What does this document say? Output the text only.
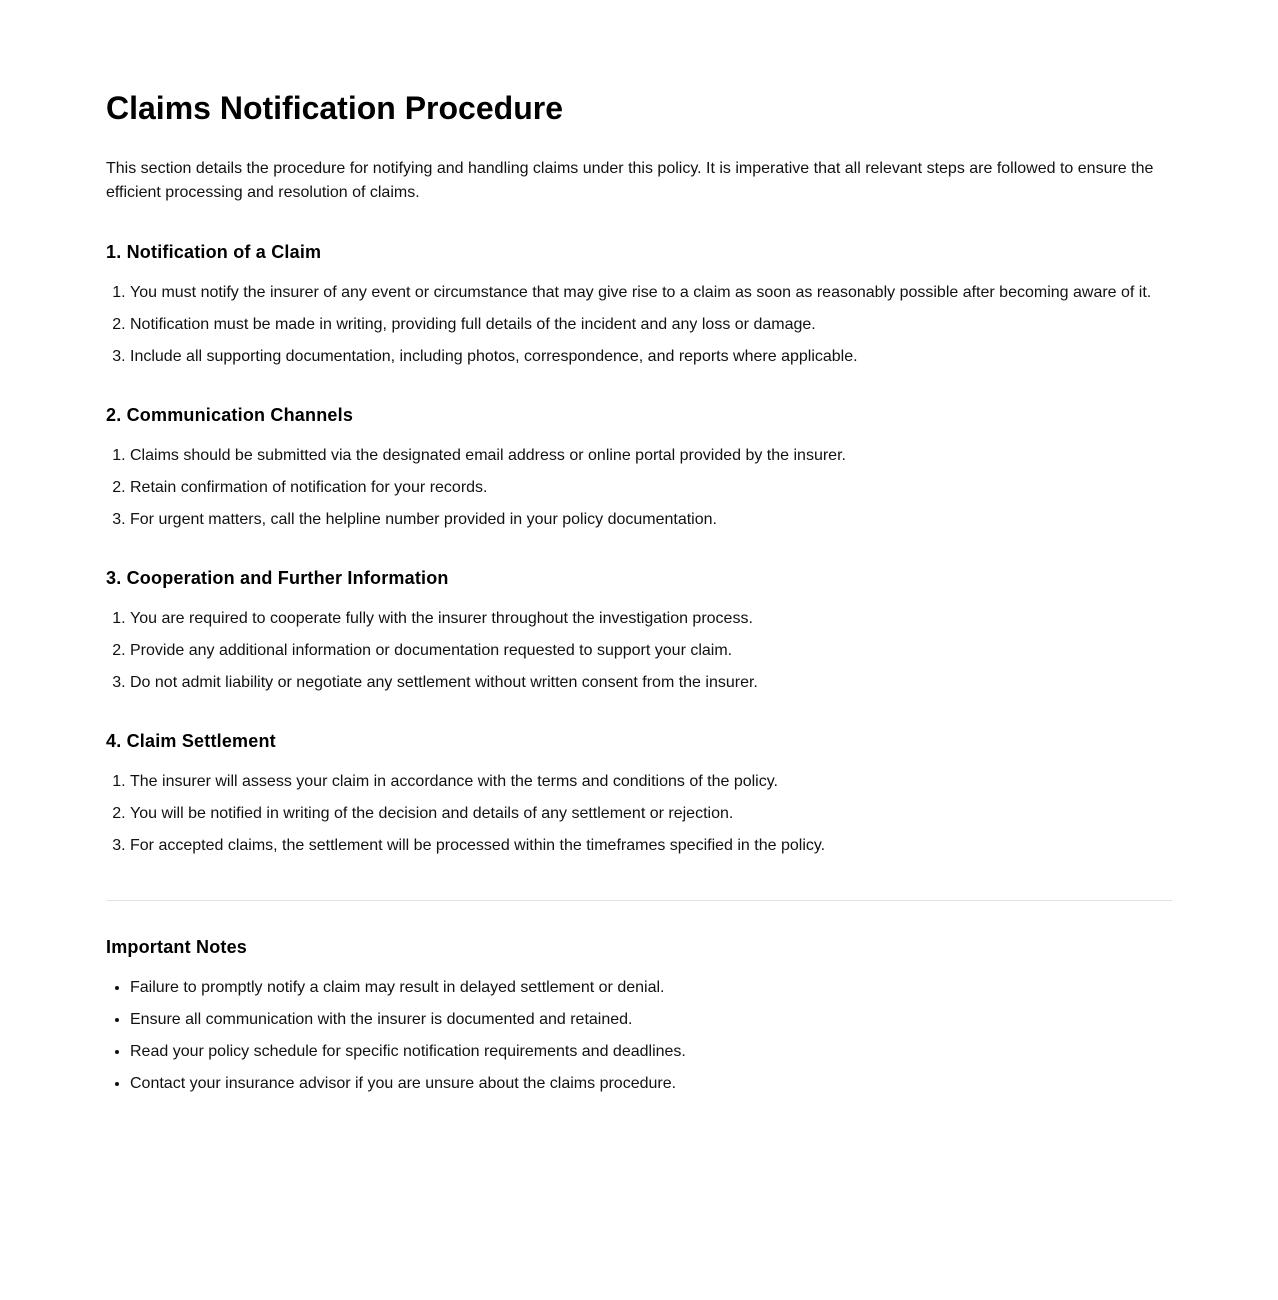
Claims Notification Procedure

This section details the procedure for notifying and handling claims under this policy. It is imperative that all relevant steps are followed to ensure the efficient processing and resolution of claims.

1. Notification of a Claim
1. You must notify the insurer of any event or circumstance that may give rise to a claim as soon as reasonably possible after becoming aware of it.
2. Notification must be made in writing, providing full details of the incident and any loss or damage.
3. Include all supporting documentation, including photos, correspondence, and reports where applicable.
2. Communication Channels
1. Claims should be submitted via the designated email address or online portal provided by the insurer.
2. Retain confirmation of notification for your records.
3. For urgent matters, call the helpline number provided in your policy documentation.
3. Cooperation and Further Information
1. You are required to cooperate fully with the insurer throughout the investigation process.
2. Provide any additional information or documentation requested to support your claim.
3. Do not admit liability or negotiate any settlement without written consent from the insurer.
4. Claim Settlement
1. The insurer will assess your claim in accordance with the terms and conditions of the policy.
2. You will be notified in writing of the decision and details of any settlement or rejection.
3. For accepted claims, the settlement will be processed within the timeframes specified in the policy.
Important Notes
• Failure to promptly notify a claim may result in delayed settlement or denial.
• Ensure all communication with the insurer is documented and retained.
• Read your policy schedule for specific notification requirements and deadlines.
• Contact your insurance advisor if you are unsure about the claims procedure.
